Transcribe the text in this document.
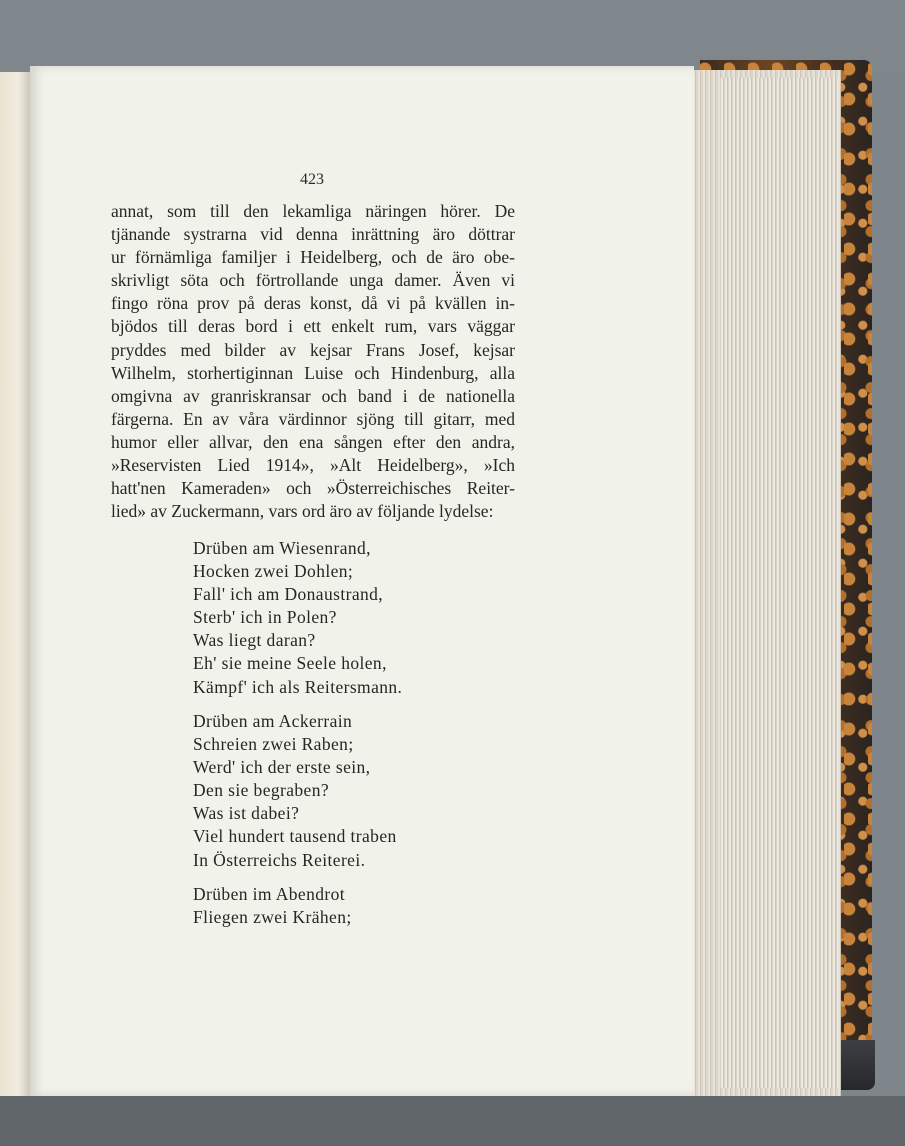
423
annat, som till den lekamliga näringen hörer. De
tjänande systrarna vid denna inrättning äro döttrar
ur förnämliga familjer i Heidelberg, och de äro obe-
skrivligt söta och förtrollande unga damer. Även vi
fingo röna prov på deras konst, då vi på kvällen in-
bjödos till deras bord i ett enkelt rum, vars väggar
pryddes med bilder av kejsar Frans Josef, kejsar
Wilhelm, storhertiginnan Luise och Hindenburg, alla
omgivna av granriskransar och band i de nationella
färgerna. En av våra värdinnor sjöng till gitarr, med
humor eller allvar, den ena sången efter den andra,
»Reservisten Lied 1914», »Alt Heidelberg», »Ich
hatt'nen Kameraden» och »Österreichisches Reiter-
lied» av Zuckermann, vars ord äro av följande lydelse:
Drüben am Wiesenrand,
Hocken zwei Dohlen;
Fall' ich am Donaustrand,
Sterb' ich in Polen?
Was liegt daran?
Eh' sie meine Seele holen,
Kämpf' ich als Reitersmann.
Drüben am Ackerrain
Schreien zwei Raben;
Werd' ich der erste sein,
Den sie begraben?
Was ist dabei?
Viel hundert tausend traben
In Österreichs Reiterei.
Drüben im Abendrot
Fliegen zwei Krähen;
